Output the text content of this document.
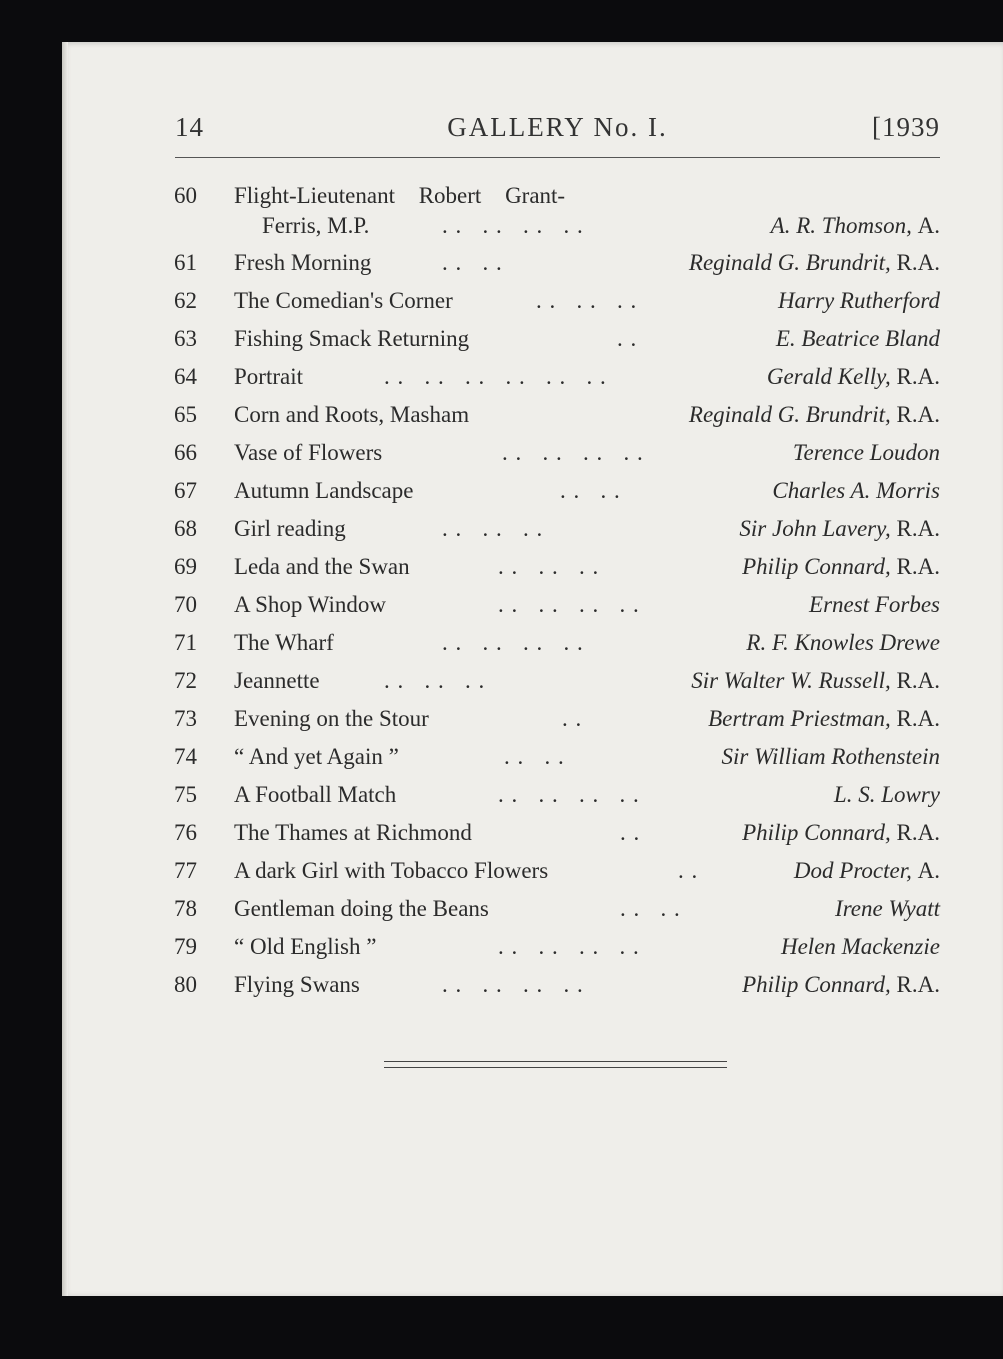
14	GALLERY No. I.	[1939
60 Flight-Lieutenant Robert Grant-
Ferris, M.P.	. .   . .   . .   . .	A. R. Thomson, A.
61 Fresh Morning	. .   . .	Reginald G. Brundrit, R.A.
62 The Comedian's Corner	. .   . .   . .	Harry Rutherford
63 Fishing Smack Returning	. .	E. Beatrice Bland
64 Portrait	. .   . .   . .   . .   . .   . .	Gerald Kelly, R.A.
65 Corn and Roots, Masham	Reginald G. Brundrit, R.A.
66 Vase of Flowers	. .   . .   . .   . .	Terence Loudon
67 Autumn Landscape	. .   . .	Charles A. Morris
68 Girl reading	. .   . .   . .	Sir John Lavery, R.A.
69 Leda and the Swan	. .   . .   . .	Philip Connard, R.A.
70 A Shop Window	. .   . .   . .   . .	Ernest Forbes
71 The Wharf	. .   . .   . .   . .	R. F. Knowles Drewe
72 Jeannette	. .   . .   . .	Sir Walter W. Russell, R.A.
73 Evening on the Stour	. .	Bertram Priestman, R.A.
74 “ And yet Again ”	. .   . .	Sir William Rothenstein
75 A Football Match	. .   . .   . .   . .	L. S. Lowry
76 The Thames at Richmond	. .	Philip Connard, R.A.
77 A dark Girl with Tobacco Flowers	. .	Dod Procter, A.
78 Gentleman doing the Beans	. .   . .	Irene Wyatt
79 “ Old English ”	. .   . .   . .   . .	Helen Mackenzie
80 Flying Swans	. .   . .   . .   . .	Philip Connard, R.A.
